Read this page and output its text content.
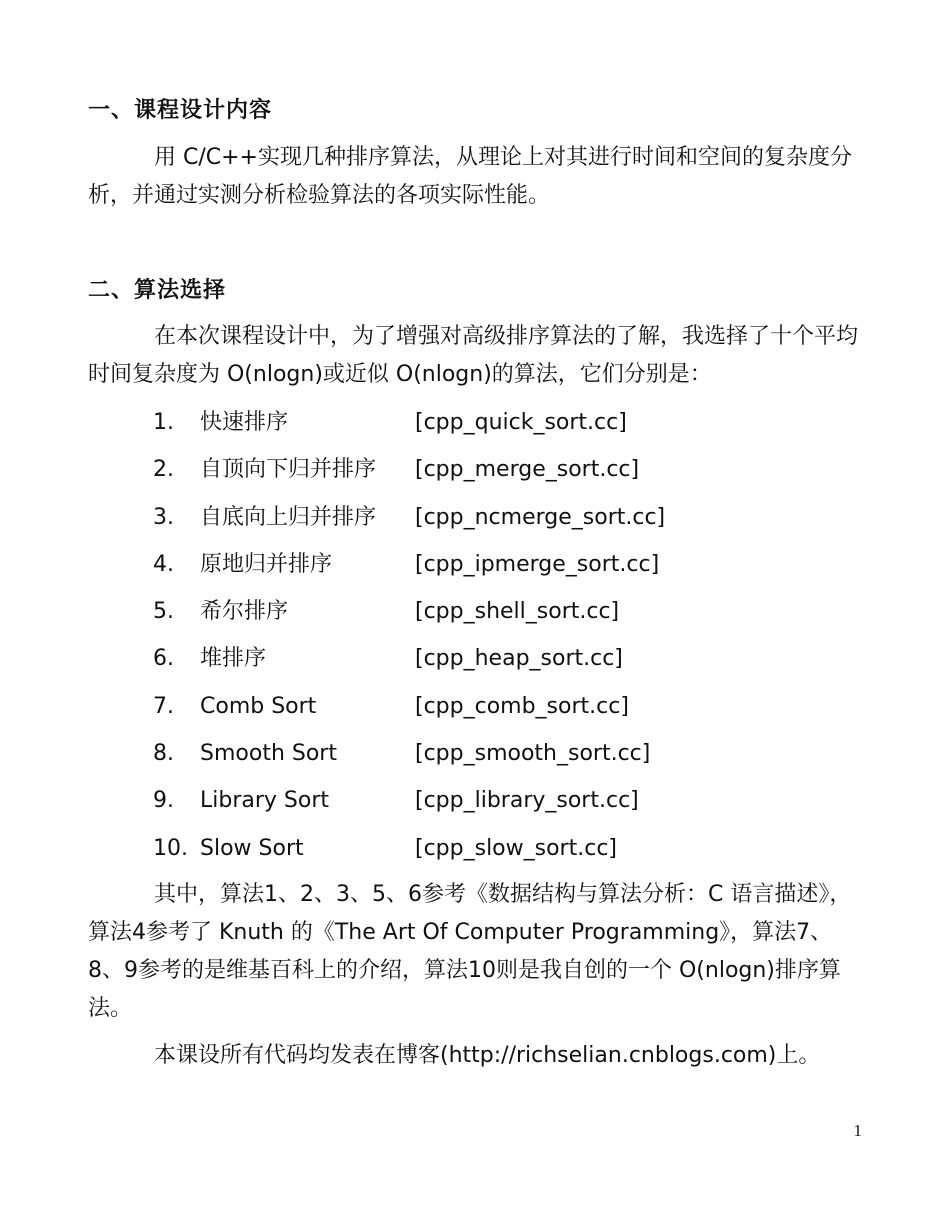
一、课程设计内容
用 C/C++实现几种排序算法，从理论上对其进行时间和空间的复杂度分析，并通过实测分析检验算法的各项实际性能。
二、算法选择
在本次课程设计中，为了增强对高级排序算法的了解，我选择了十个平均时间复杂度为 O(nlogn)或近似 O(nlogn)的算法，它们分别是：
1. 快速排序	[cpp_quick_sort.cc]
2. 自顶向下归并排序 [cpp_merge_sort.cc]
3. 自底向上归并排序 [cpp_ncmerge_sort.cc]
4. 原地归并排序	[cpp_ipmerge_sort.cc]
5. 希尔排序	[cpp_shell_sort.cc]
6. 堆排序	[cpp_heap_sort.cc]
7. Comb Sort	[cpp_comb_sort.cc]
8. Smooth Sort	[cpp_smooth_sort.cc]
9. Library Sort	[cpp_library_sort.cc]
10. Slow Sort	[cpp_slow_sort.cc]
其中，算法1、2、3、5、6参考《数据结构与算法分析：C 语言描述》，算法4参考了 Knuth 的《The Art Of Computer Programming》，算法7、8、9参考的是维基百科上的介绍，算法10则是我自创的一个 O(nlogn)排序算法。
本课设所有代码均发表在博客(http://richselian.cnblogs.com)上。
1
